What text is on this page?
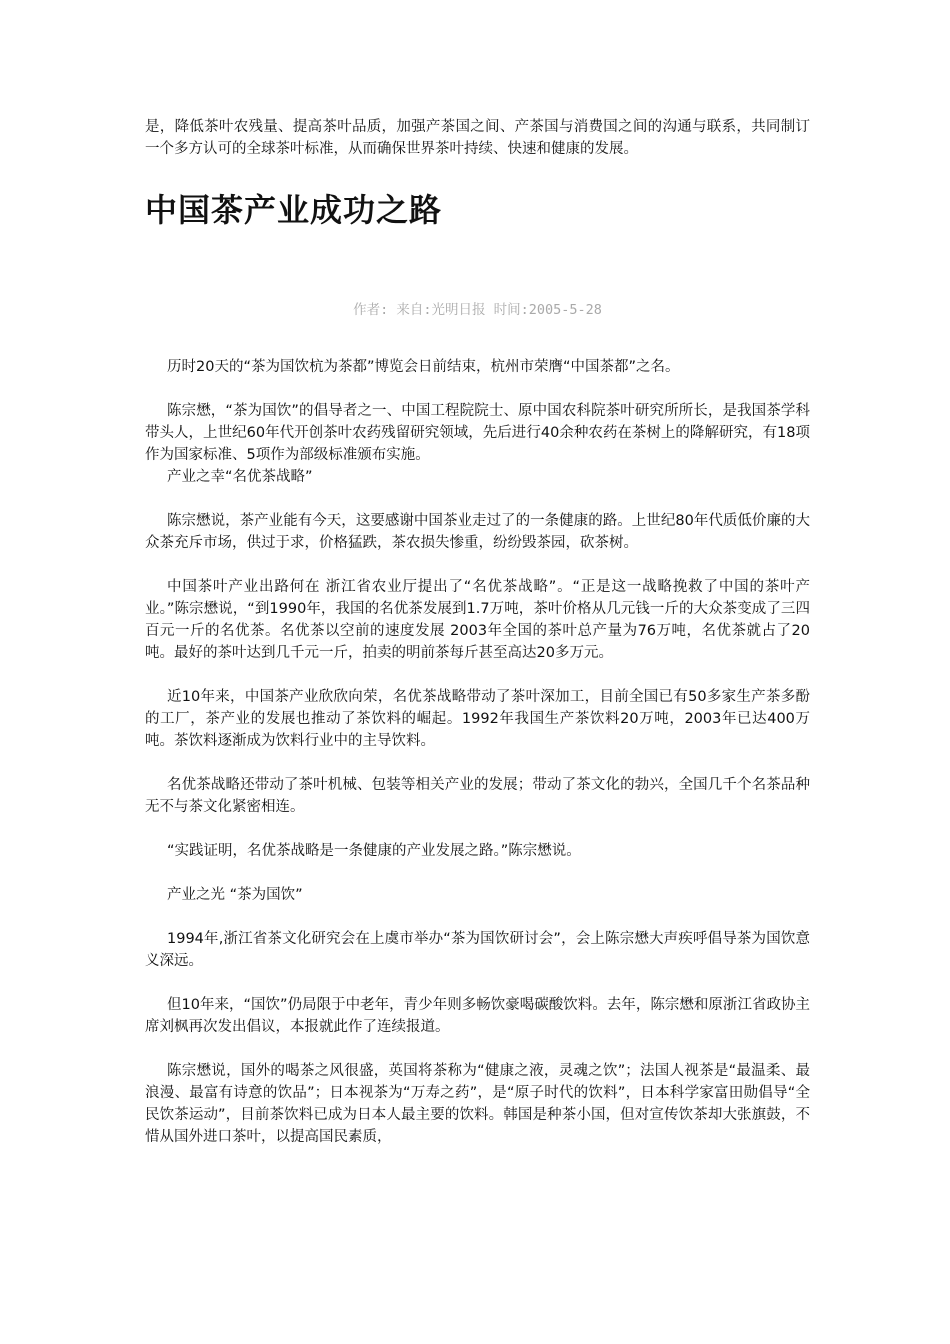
是，降低茶叶农残量、提高茶叶品质，加强产茶国之间、产茶国与消费国之间的沟通与联系，共同制订一个多方认可的全球茶叶标准，从而确保世界茶叶持续、快速和健康的发展。

中国茶产业成功之路

作者: 来自:光明日报 时间:2005-5-28

历时20天的“茶为国饮杭为茶都”博览会日前结束，杭州市荣膺“中国茶都”之名。

陈宗懋，“茶为国饮”的倡导者之一、中国工程院院士、原中国农科院茶叶研究所所长，是我国茶学科带头人，上世纪60年代开创茶叶农药残留研究领域，先后进行40余种农药在茶树上的降解研究，有18项作为国家标准、5项作为部级标准颁布实施。

产业之幸“名优茶战略”

陈宗懋说，茶产业能有今天，这要感谢中国茶业走过了的一条健康的路。上世纪80年代质低价廉的大众茶充斥市场，供过于求，价格猛跌，茶农损失惨重，纷纷毁茶园，砍茶树。

中国茶叶产业出路何在 浙江省农业厅提出了“名优茶战略”。“正是这一战略挽救了中国的茶叶产业。”陈宗懋说，“到1990年，我国的名优茶发展到1.7万吨，茶叶价格从几元钱一斤的大众茶变成了三四百元一斤的名优茶。名优茶以空前的速度发展 2003年全国的茶叶总产量为76万吨，名优茶就占了20吨。最好的茶叶达到几千元一斤，拍卖的明前茶每斤甚至高达20多万元。

近10年来，中国茶产业欣欣向荣，名优茶战略带动了茶叶深加工，目前全国已有50多家生产茶多酚的工厂，茶产业的发展也推动了茶饮料的崛起。1992年我国生产茶饮料20万吨，2003年已达400万吨。茶饮料逐渐成为饮料行业中的主导饮料。

名优茶战略还带动了茶叶机械、包装等相关产业的发展；带动了茶文化的勃兴，全国几千个名茶品种无不与茶文化紧密相连。

“实践证明，名优茶战略是一条健康的产业发展之路。”陈宗懋说。

产业之光 “茶为国饮”

1994年,浙江省茶文化研究会在上虞市举办“茶为国饮研讨会”，会上陈宗懋大声疾呼倡导茶为国饮意义深远。

但10年来，“国饮”仍局限于中老年，青少年则多畅饮豪喝碳酸饮料。去年，陈宗懋和原浙江省政协主席刘枫再次发出倡议，本报就此作了连续报道。

陈宗懋说，国外的喝茶之风很盛，英国将茶称为“健康之液，灵魂之饮”；法国人视茶是“最温柔、最浪漫、最富有诗意的饮品”；日本视茶为“万寿之药”，是“原子时代的饮料”，日本科学家富田勋倡导“全民饮茶运动”，目前茶饮料已成为日本人最主要的饮料。韩国是种茶小国，但对宣传饮茶却大张旗鼓，不惜从国外进口茶叶，以提高国民素质，
